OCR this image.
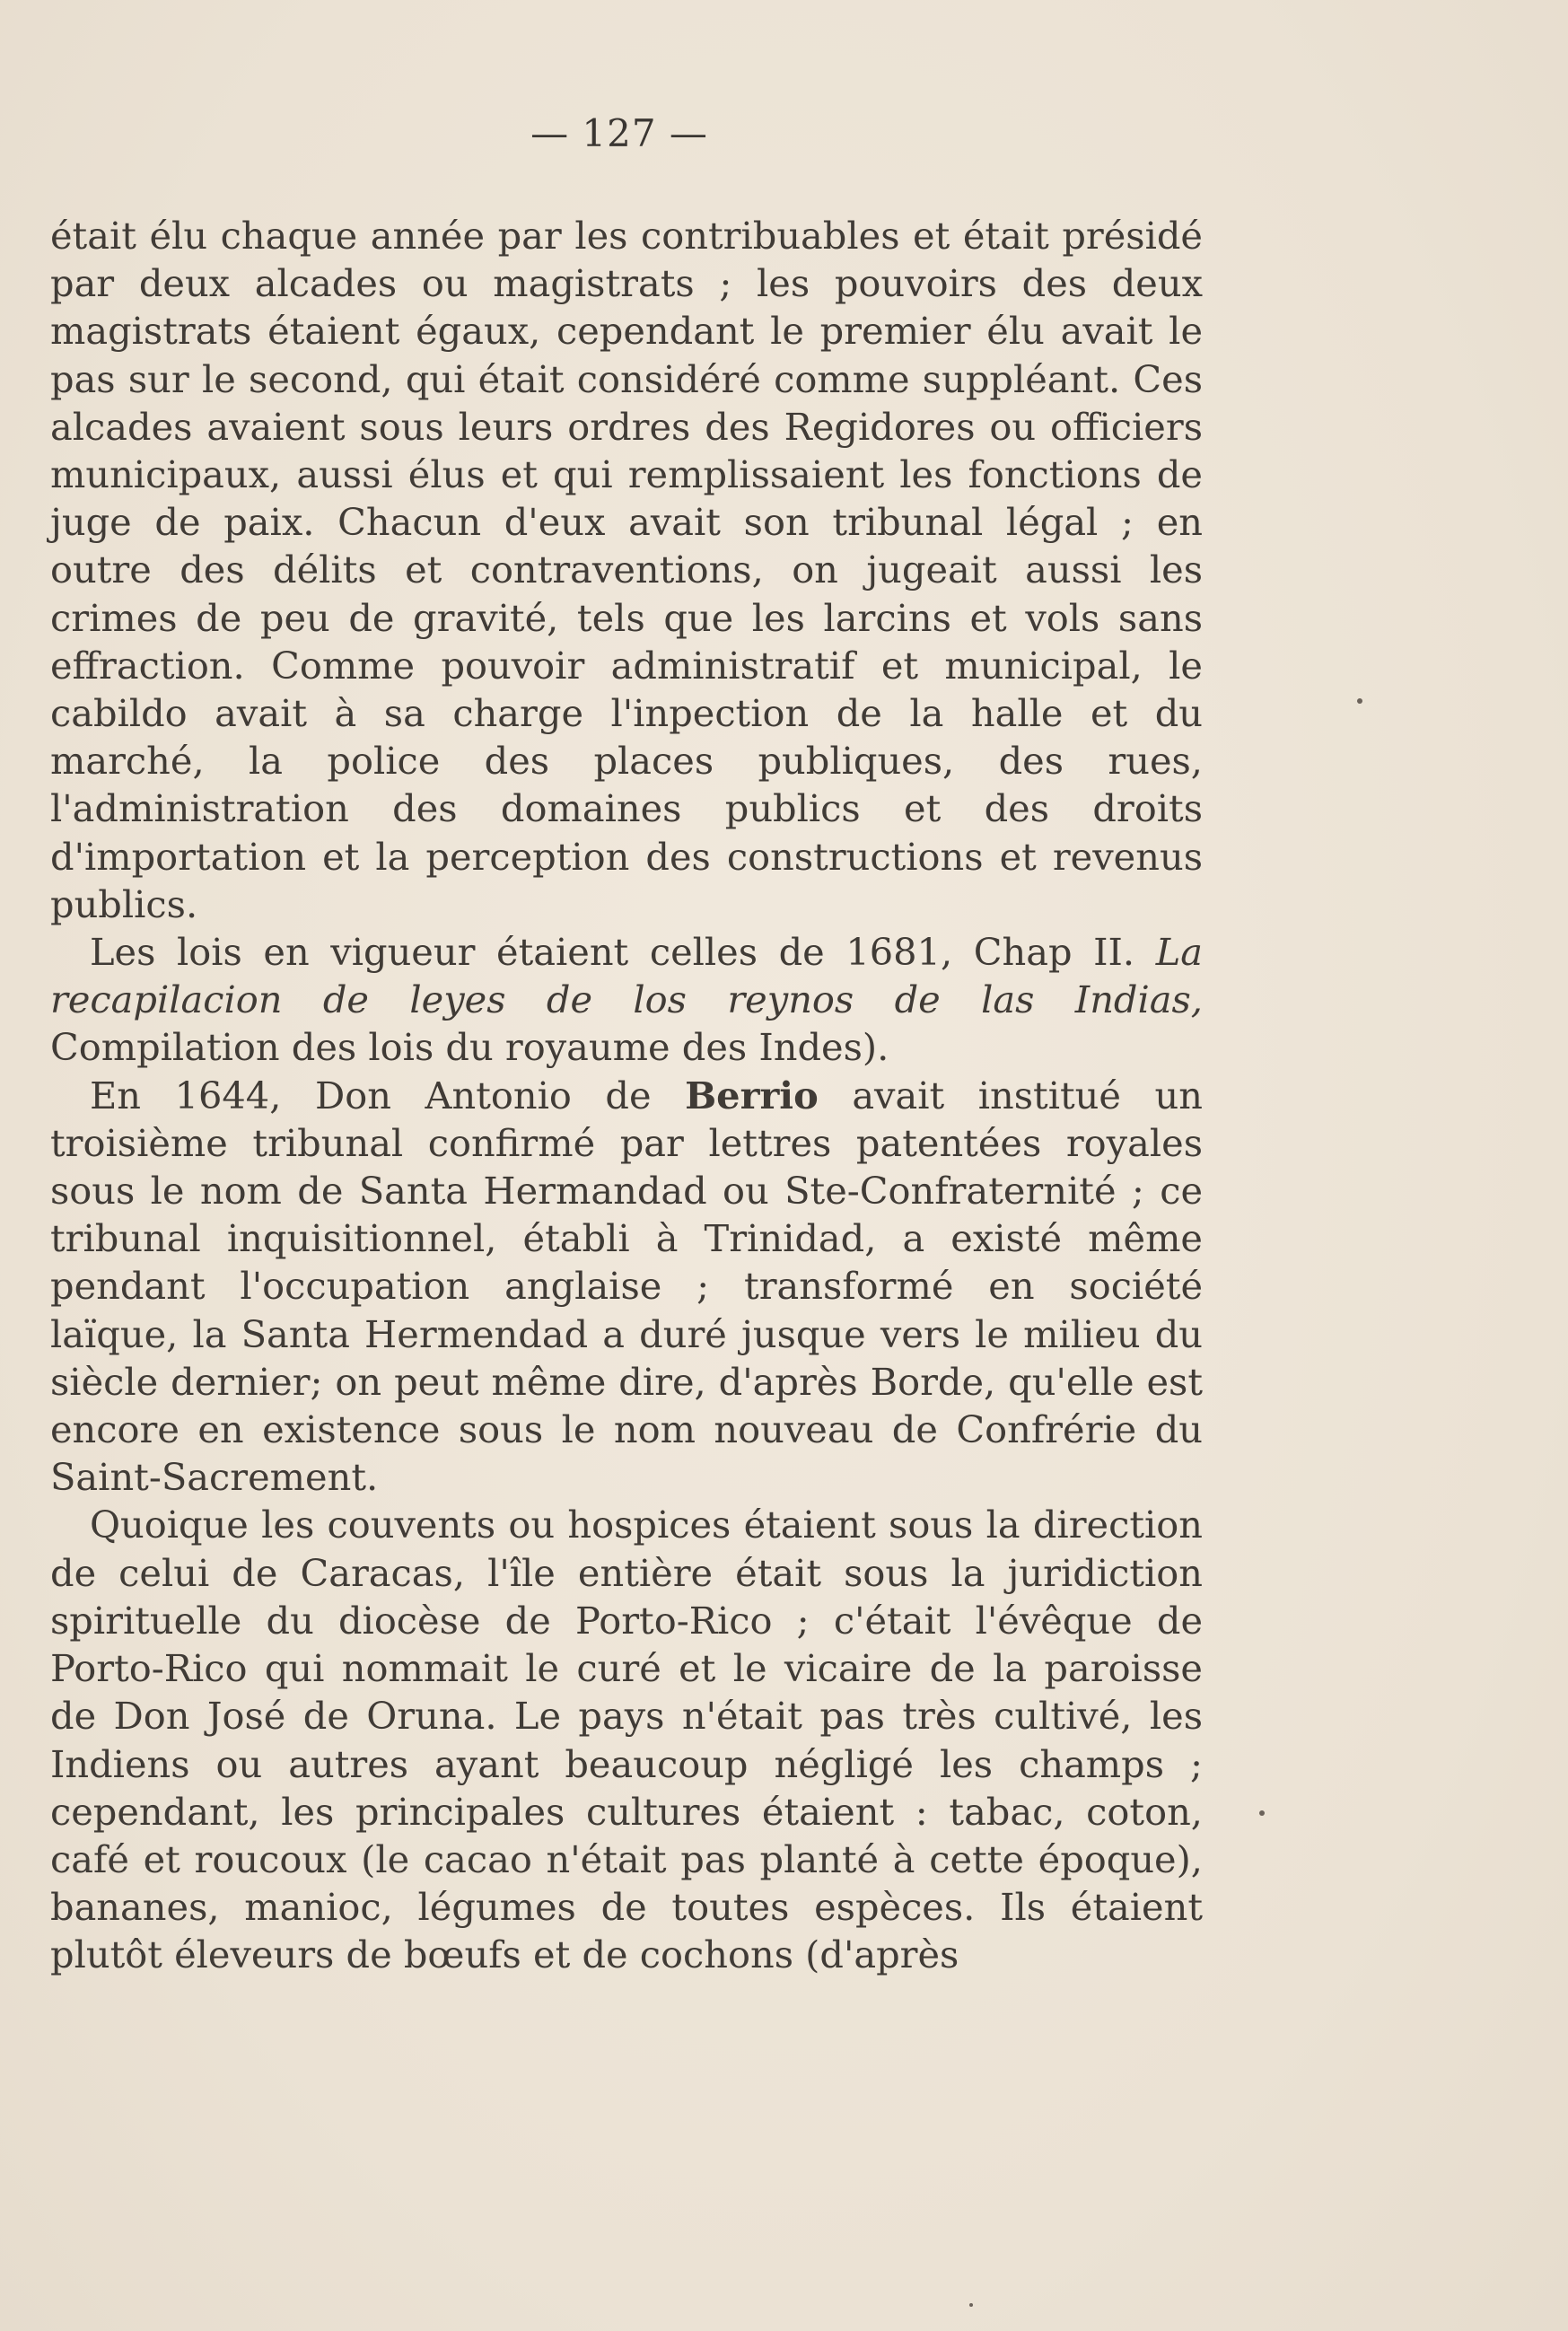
— 127 —

était élu chaque année par les contribuables et était présidé par deux alcades ou magistrats ; les pouvoirs des deux magistrats étaient égaux, cependant le premier élu avait le pas sur le second, qui était considéré comme suppléant. Ces alcades avaient sous leurs ordres des Regidores ou officiers municipaux, aussi élus et qui remplissaient les fonctions de juge de paix. Chacun d'eux avait son tribunal légal ; en outre des délits et contraventions, on jugeait aussi les crimes de peu de gravité, tels que les larcins et vols sans effraction. Comme pouvoir administratif et municipal, le cabildo avait à sa charge l'inpection de la halle et du marché, la police des places publiques, des rues, l'administration des domaines publics et des droits d'importation et la perception des constructions et revenus publics.

Les lois en vigueur étaient celles de 1681, Chap II. La recapilacion de leyes de los reynos de las Indias, Compilation des lois du royaume des Indes).

En 1644, Don Antonio de Berrio avait institué un troisième tribunal confirmé par lettres patentées royales sous le nom de Santa Hermandad ou Ste-Confraternité ; ce tribunal inquisitionnel, établi à Trinidad, a existé même pendant l'occupation anglaise ; transformé en société laïque, la Santa Hermendad a duré jusque vers le milieu du siècle dernier; on peut même dire, d'après Borde, qu'elle est encore en existence sous le nom nouveau de Confrérie du Saint-Sacrement.

Quoique les couvents ou hospices étaient sous la direction de celui de Caracas, l'île entière était sous la juridiction spirituelle du diocèse de Porto-Rico ; c'était l'évêque de Porto-Rico qui nommait le curé et le vicaire de la paroisse de Don José de Oruna. Le pays n'était pas très cultivé, les Indiens ou autres ayant beaucoup négligé les champs ; cependant, les principales cultures étaient : tabac, coton, café et roucoux (le cacao n'était pas planté à cette époque), bananes, manioc, légumes de toutes espèces. Ils étaient plutôt éleveurs de bœufs et de cochons (d'après
